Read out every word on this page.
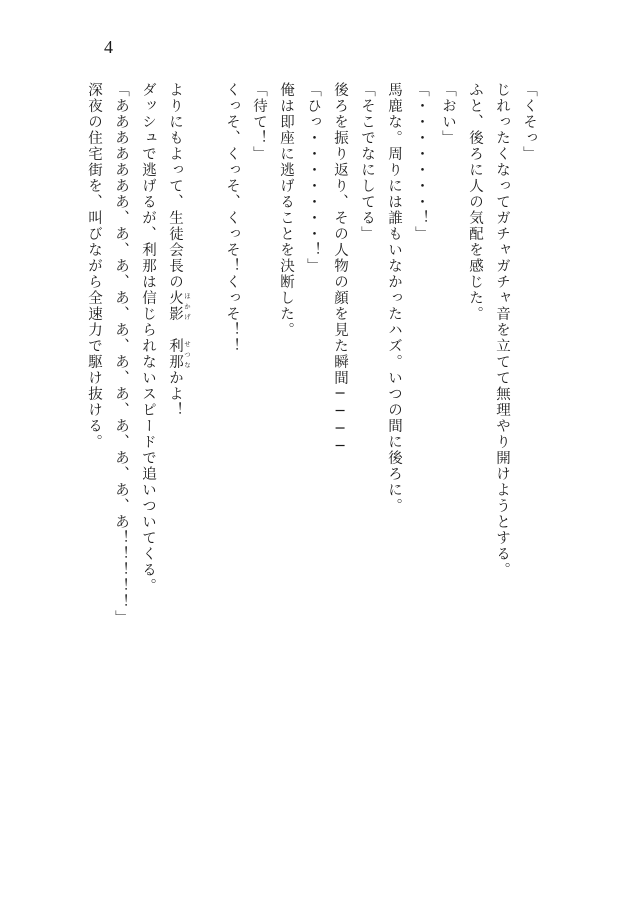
4
「くそっ」
じれったくなってガチャガチャ音を立てて無理やり開けようとする。
ふと、後ろに人の気配を感じた。
「おい」
「・・・・・・・！」
馬鹿な。周りには誰もいなかったハズ。いつの間に後ろに。
「そこでなにしてる」
後ろを振り返り、その人物の顔を見た瞬間────
「ひっ・・・・・・・！」
俺は即座に逃げることを決断した。
「待て！」
くっそ、くっそ、くっそ！くっそ！！
よりにもよって、生徒会長の火影 ほかげ　利那 せつなかよ！
ダッシュで逃げるが、利那は信じられないスピードで追いついてくる。
「あああああああ、あ、あ、あ、あ、あ、あ、あ、あ、あ、あ！！！！！」
深夜の住宅街を、叫びながら全速力で駆け抜ける。
